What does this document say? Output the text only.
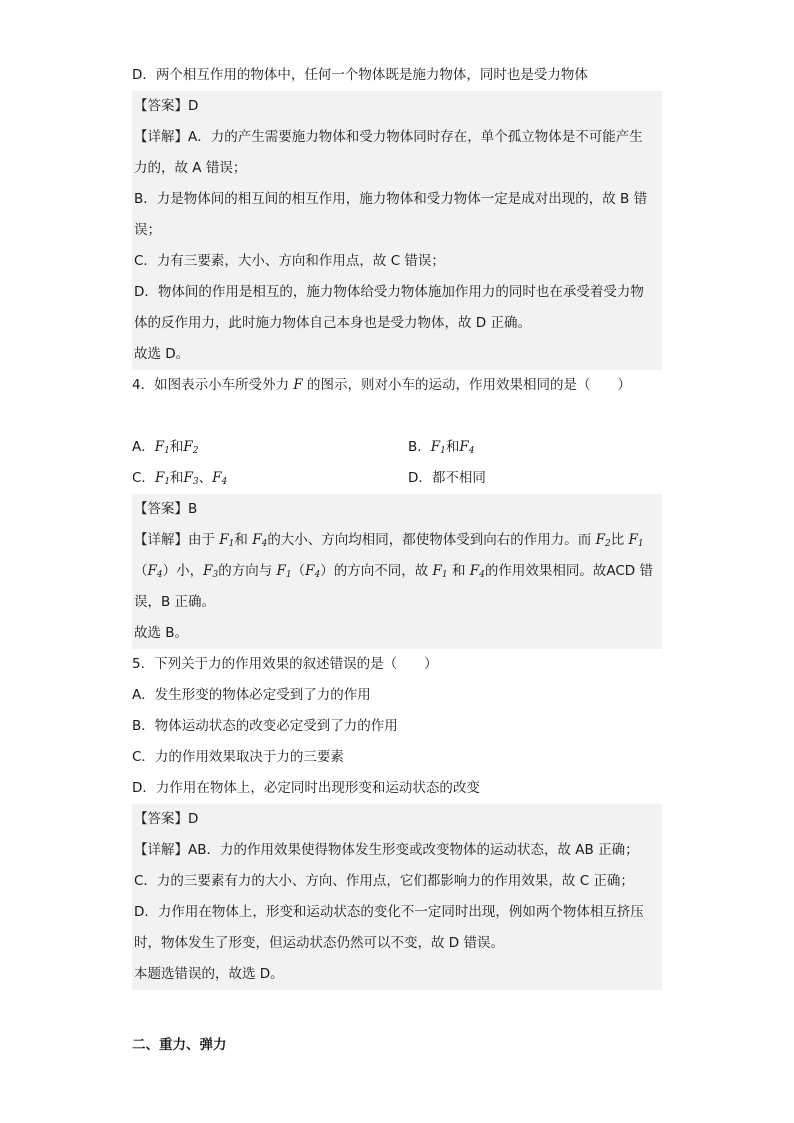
D．两个相互作用的物体中，任何一个物体既是施力物体，同时也是受力物体
【答案】D
【详解】A．力的产生需要施力物体和受力物体同时存在，单个孤立物体是不可能产生
力的，故 A 错误；
B．力是物体间的相互间的相互作用，施力物体和受力物体一定是成对出现的，故 B 错
误；
C．力有三要素，大小、方向和作用点，故 C 错误；
D．物体间的作用是相互的，施力物体给受力物体施加作用力的同时也在承受着受力物
体的反作用力，此时施力物体自己本身也是受力物体，故 D 正确。
故选 D。
4．如图表示小车所受外力 F 的图示，则对小车的运动，作用效果相同的是（　　）
A．$F_1$和$F_2$	B．$F_1$和$F_4$
C．$F_1$和$F_3$、$F_4$	D．都不相同
【答案】B
【详解】由于 $F_1$和 $F_4$的大小、方向均相同，都使物体受到向右的作用力。而 $F_2$比 $F_1$
$(F_4)$小，$F_3$的方向与 $F_1(F_4)$的方向不同，故 $F_1$ 和 $F_4$的作用效果相同。故ACD 错
误，B 正确。
故选 B。
5．下列关于力的作用效果的叙述错误的是（　　）
A．发生形变的物体必定受到了力的作用
B．物体运动状态的改变必定受到了力的作用
C．力的作用效果取决于力的三要素
D．力作用在物体上，必定同时出现形变和运动状态的改变
【答案】D
【详解】AB．力的作用效果使得物体发生形变或改变物体的运动状态，故 AB 正确；
C．力的三要素有力的大小、方向、作用点，它们都影响力的作用效果，故 C 正确；
D．力作用在物体上，形变和运动状态的变化不一定同时出现，例如两个物体相互挤压
时，物体发生了形变，但运动状态仍然可以不变，故 D 错误。
本题选错误的，故选 D。
二、重力、弹力
